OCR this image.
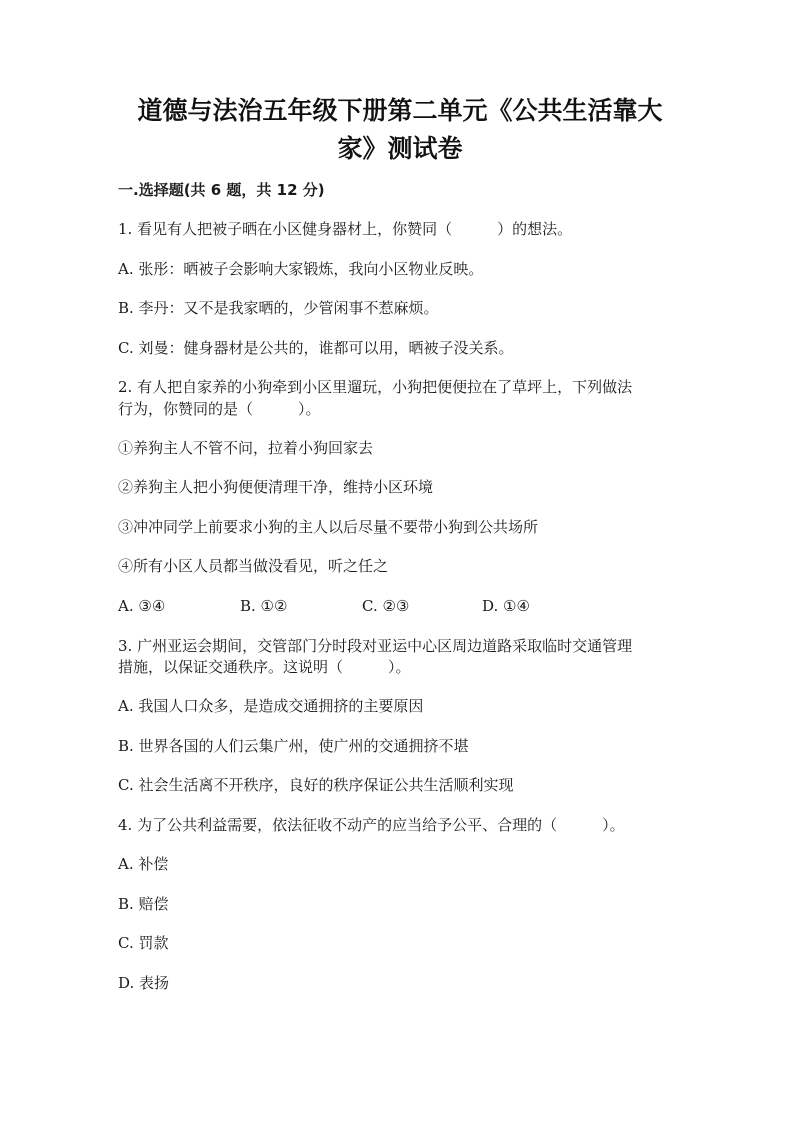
道德与法治五年级下册第二单元《公共生活靠大
家》测试卷
一.选择题(共 6 题，共 12 分)
1. 看见有人把被子晒在小区健身器材上，你赞同（　　　）的想法。
A. 张彤：晒被子会影响大家锻炼，我向小区物业反映。
B. 李丹：又不是我家晒的，少管闲事不惹麻烦。
C. 刘曼：健身器材是公共的，谁都可以用，晒被子没关系。
2. 有人把自家养的小狗牵到小区里遛玩，小狗把便便拉在了草坪上，下列做法
行为，你赞同的是（　　　）。
①养狗主人不管不问，拉着小狗回家去
②养狗主人把小狗便便清理干净，维持小区环境
③冲冲同学上前要求小狗的主人以后尽量不要带小狗到公共场所
④所有小区人员都当做没看见，听之任之
A. ③④	B. ①②	C. ②③	D. ①④
3. 广州亚运会期间，交管部门分时段对亚运中心区周边道路采取临时交通管理
措施，以保证交通秩序。这说明（　　　）。
A. 我国人口众多，是造成交通拥挤的主要原因
B. 世界各国的人们云集广州，使广州的交通拥挤不堪
C. 社会生活离不开秩序，良好的秩序保证公共生活顺利实现
4. 为了公共利益需要，依法征收不动产的应当给予公平、合理的（　　　）。
A. 补偿
B. 赔偿
C. 罚款
D. 表扬
